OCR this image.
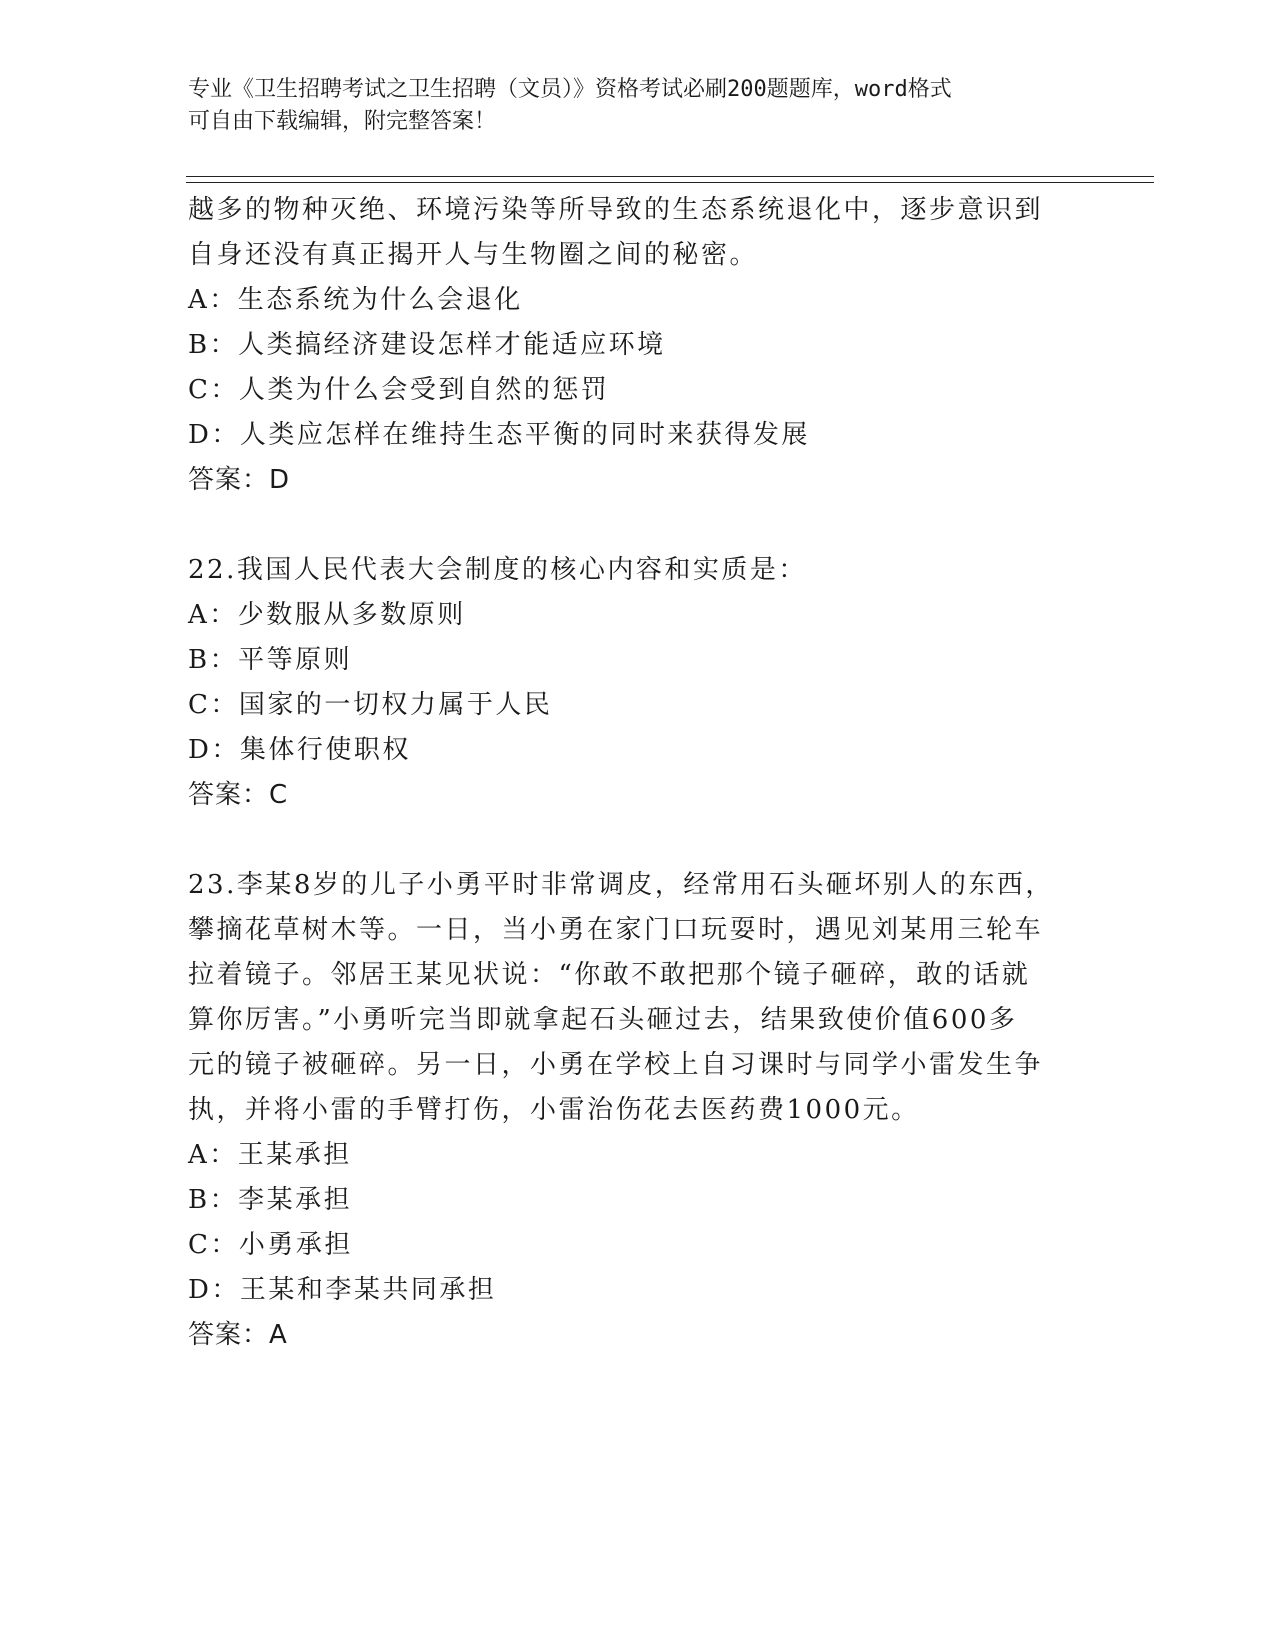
专业《卫生招聘考试之卫生招聘（文员）》资格考试必刷200题题库，word格式
可自由下载编辑，附完整答案！
越多的物种灭绝、环境污染等所导致的生态系统退化中，逐步意识到
自身还没有真正揭开人与生物圈之间的秘密。
A：生态系统为什么会退化
B：人类搞经济建设怎样才能适应环境
C：人类为什么会受到自然的惩罚
D：人类应怎样在维持生态平衡的同时来获得发展
答案：D
22.我国人民代表大会制度的核心内容和实质是：
A：少数服从多数原则
B：平等原则
C：国家的一切权力属于人民
D：集体行使职权
答案：C
23.李某8岁的儿子小勇平时非常调皮，经常用石头砸坏别人的东西，
攀摘花草树木等。一日，当小勇在家门口玩耍时，遇见刘某用三轮车
拉着镜子。邻居王某见状说：“你敢不敢把那个镜子砸碎，敢的话就
算你厉害。”小勇听完当即就拿起石头砸过去，结果致使价值600多
元的镜子被砸碎。另一日，小勇在学校上自习课时与同学小雷发生争
执，并将小雷的手臂打伤，小雷治伤花去医药费1000元。
A：王某承担
B：李某承担
C：小勇承担
D：王某和李某共同承担
答案：A
